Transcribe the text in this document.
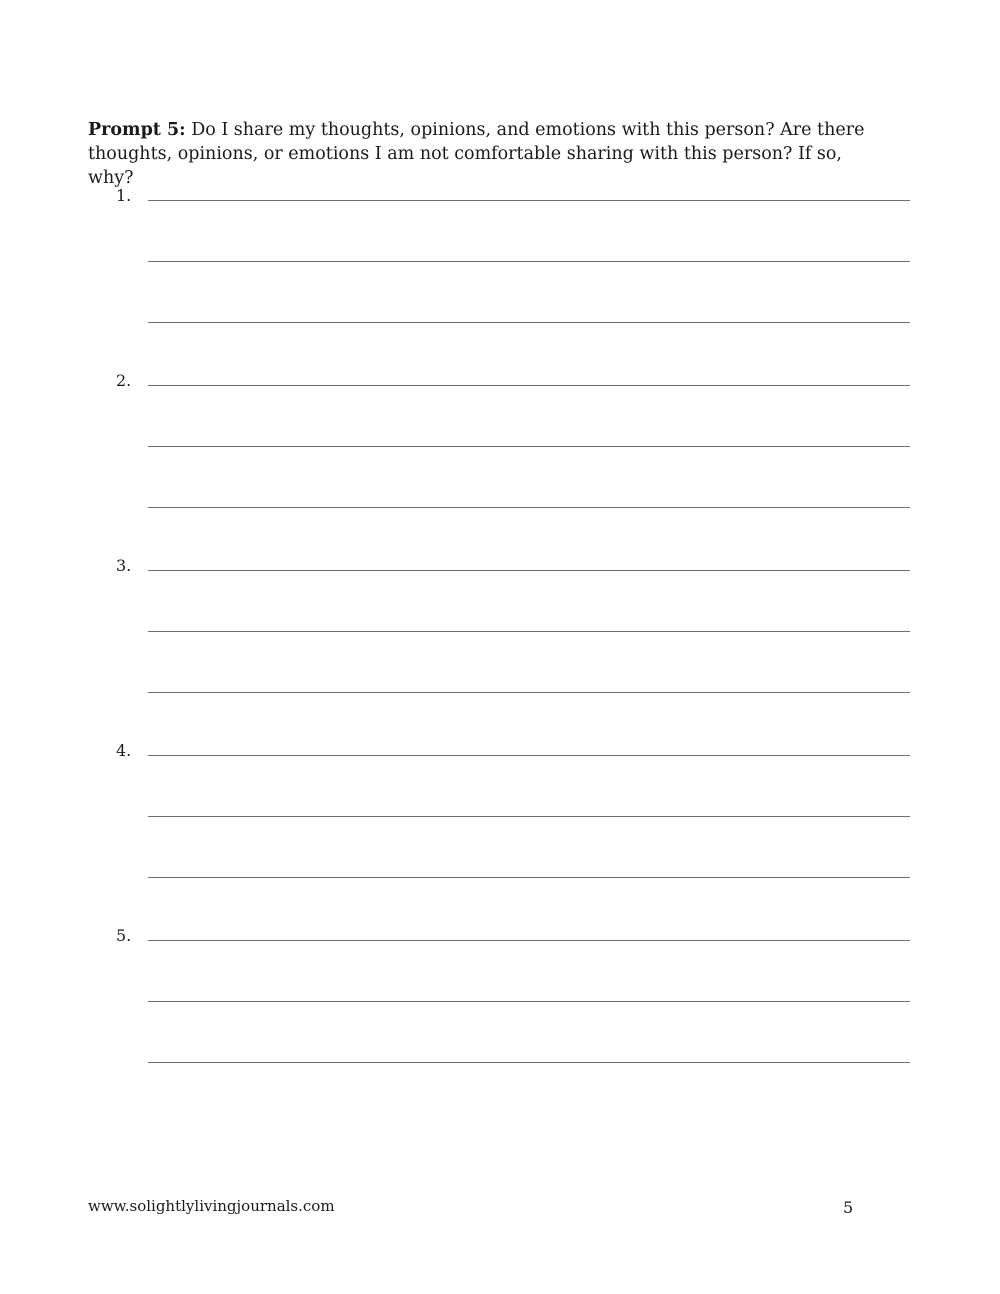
Prompt 5: Do I share my thoughts, opinions, and emotions with this person? Are there thoughts, opinions, or emotions I am not comfortable sharing with this person? If so, why?
1.
2.
3.
4.
5.
www.solightlylivingjournals.com	5
